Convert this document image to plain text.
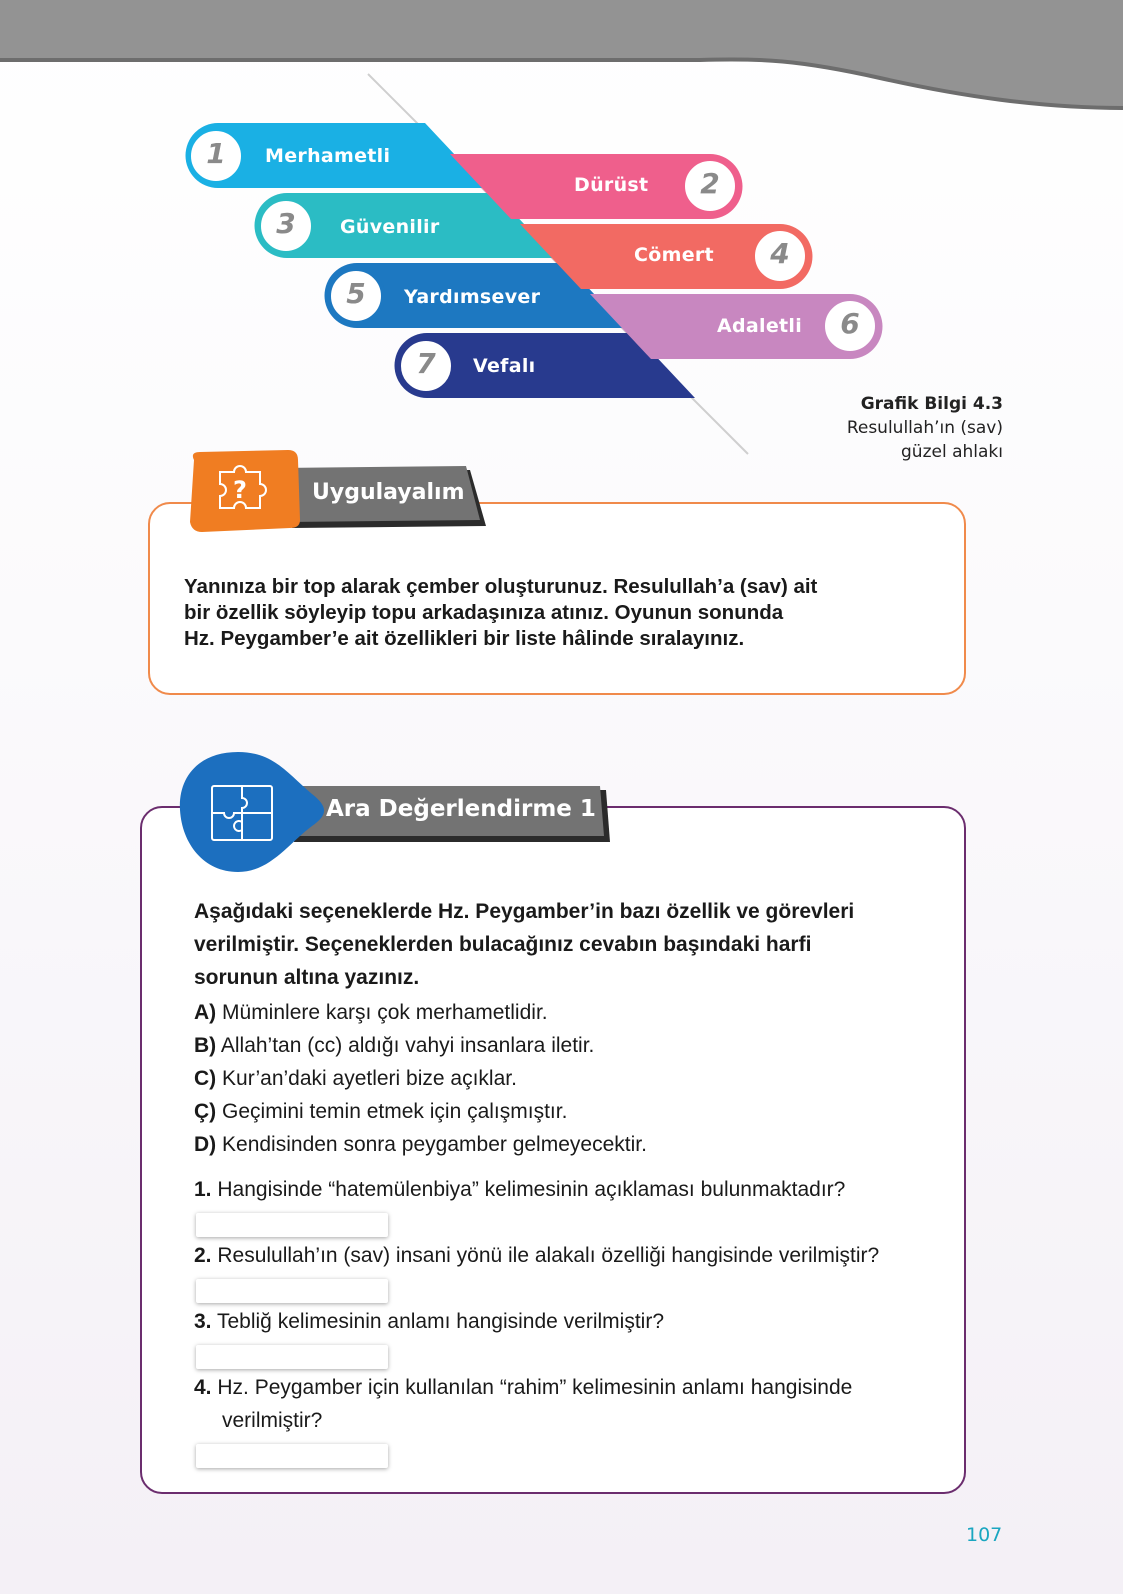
1	Merhametli
2
Dürüst
3	Güvenilir
4
Cömert
5	Yardımsever
6
Adaletli
7	Vefalı
Grafik Bilgi 4.3
Resulullah’ın (sav)
güzel ahlakı
?	Uygulayalım
Yanınıza bir top alarak çember oluşturunuz. Resulullah’a (sav) ait
bir özellik söyleyip topu arkadaşınıza atınız. Oyunun sonunda
Hz. Peygamber’e ait özellikleri bir liste hâlinde sıralayınız.
Ara Değerlendirme 1
Aşağıdaki seçeneklerde Hz. Peygamber’in bazı özellik ve görevleri
verilmiştir. Seçeneklerden bulacağınız cevabın başındaki harfi
sorunun altına yazınız.
A) Müminlere karşı çok merhametlidir.
B) Allah’tan (cc) aldığı vahyi insanlara iletir.
C) Kur’an’daki ayetleri bize açıklar.
Ç) Geçimini temin etmek için çalışmıştır.
D) Kendisinden sonra peygamber gelmeyecektir.
1. Hangisinde “hatemülenbiya” kelimesinin açıklaması bulunmaktadır?
2. Resulullah’ın (sav) insani yönü ile alakalı özelliği hangisinde verilmiştir?
3. Tebliğ kelimesinin anlamı hangisinde verilmiştir?
4. Hz. Peygamber için kullanılan “rahim” kelimesinin anlamı hangisinde
verilmiştir?
107
